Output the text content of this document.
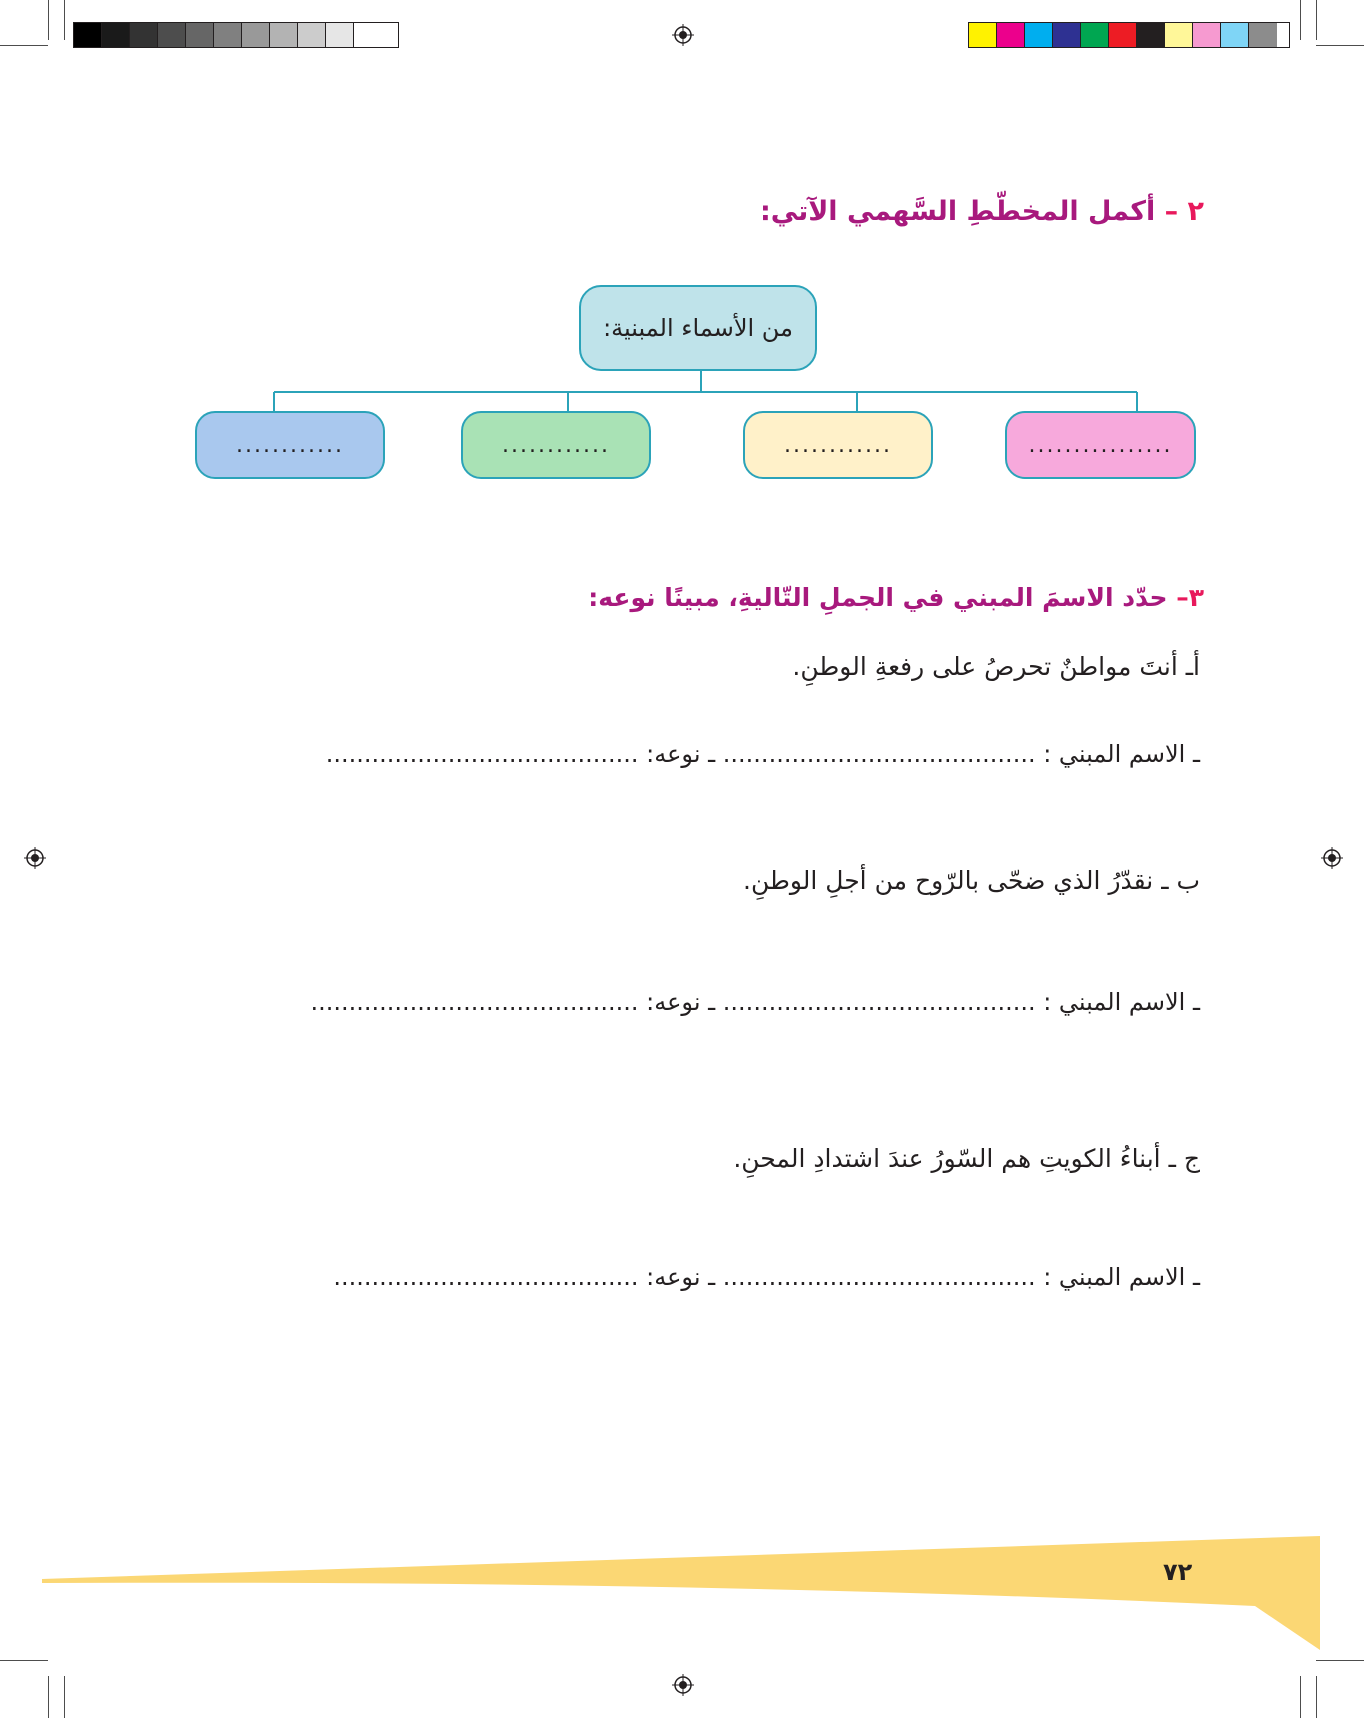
٢ – أكمل المخطّطِ السَّهمي الآتي:
من الأسماء المبنية:
................
............
............
............
٣– حدّد الاسمَ المبني في الجملِ التّاليةِ، مبينًا نوعه:
أـ أنتَ مواطنٌ تحرصُ على رفعةِ الوطنِ.
ـ الاسم المبني : ......................................... ـ نوعه: .........................................
ب ـ نقدّرُ الذي ضحّى بالرّوح من أجلِ الوطنِ.
ـ الاسم المبني : ......................................... ـ نوعه: ...........................................
ج ـ أبناءُ الكويتِ هم السّورُ عندَ اشتدادِ المحنِ.
ـ الاسم المبني : ......................................... ـ نوعه: ........................................
٧٢
